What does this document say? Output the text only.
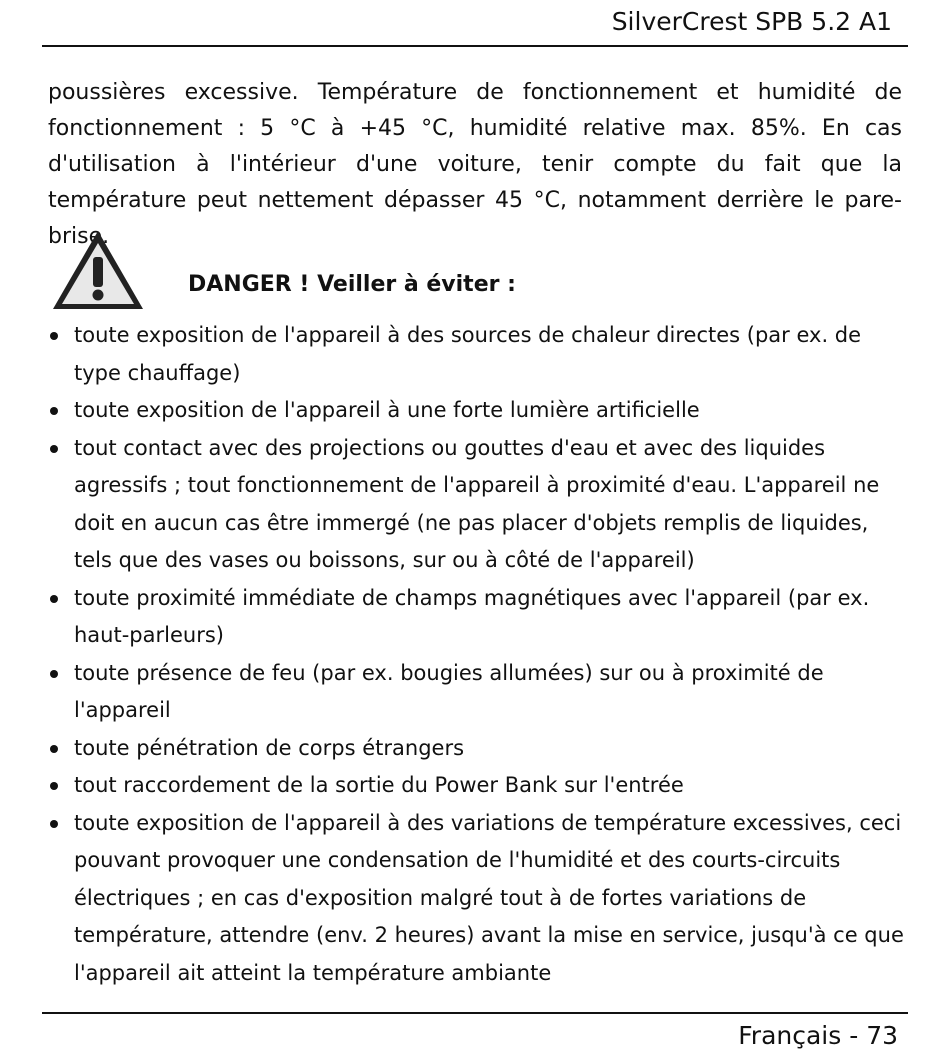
SilverCrest SPB 5.2 A1

poussières excessive. Température de fonctionnement et humidité de fonctionnement : 5 °C à +45 °C, humidité relative max. 85%. En cas d'utilisation à l'intérieur d'une voiture, tenir compte du fait que la température peut nettement dépasser 45 °C, notamment derrière le pare-brise.

DANGER ! Veiller à éviter :

toute exposition de l'appareil à des sources de chaleur directes (par ex. de type chauffage)
toute exposition de l'appareil à une forte lumière artificielle
tout contact avec des projections ou gouttes d'eau et avec des liquides agressifs ; tout fonctionnement de l'appareil à proximité d'eau. L'appareil ne doit en aucun cas être immergé (ne pas placer d'objets remplis de liquides, tels que des vases ou boissons, sur ou à côté de l'appareil)
toute proximité immédiate de champs magnétiques avec l'appareil (par ex. haut-parleurs)
toute présence de feu (par ex. bougies allumées) sur ou à proximité de l'appareil
toute pénétration de corps étrangers
tout raccordement de la sortie du Power Bank sur l'entrée
toute exposition de l'appareil à des variations de température excessives, ceci pouvant provoquer une condensation de l'humidité et des courts-circuits électriques ; en cas d'exposition malgré tout à de fortes variations de température, attendre (env. 2 heures) avant la mise en service, jusqu'à ce que l'appareil ait atteint la température ambiante
Français - 73
